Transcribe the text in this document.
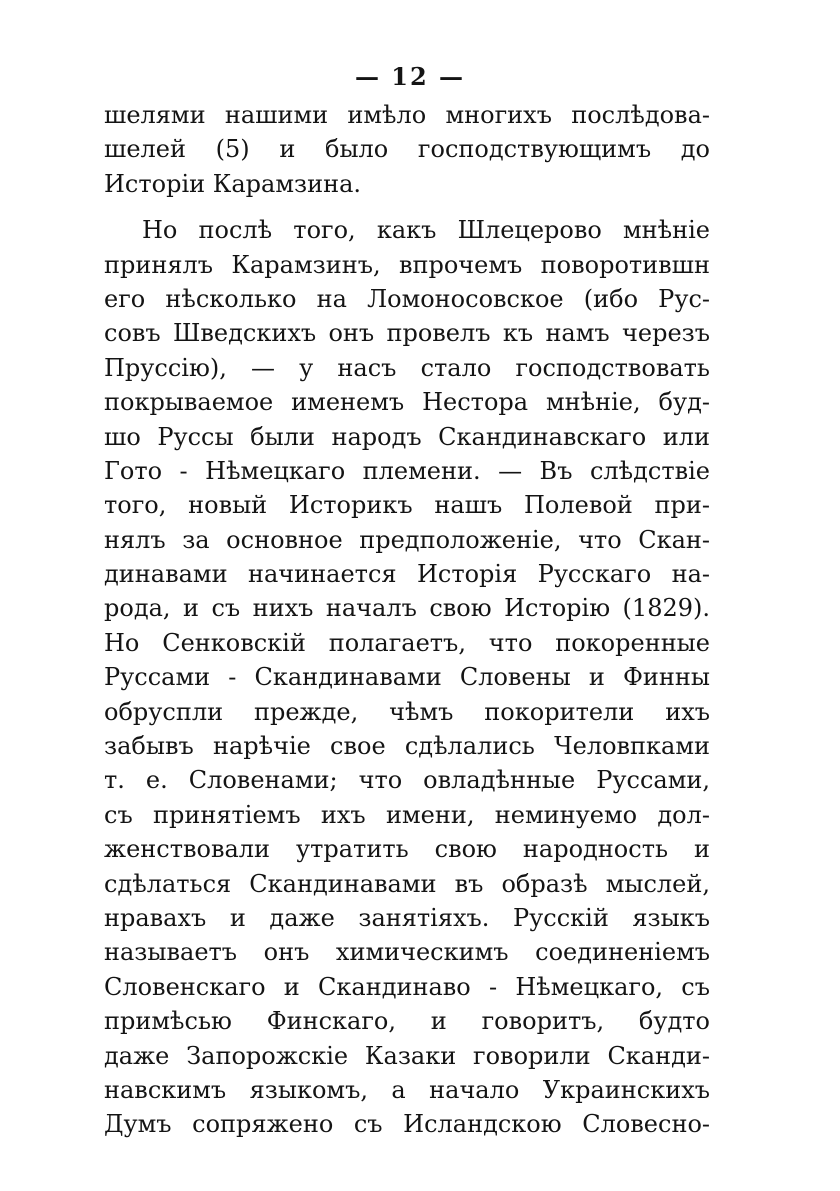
— 12 —
шелями нашими имѣло многихъ послѣдова-
шелей (5) и было господствующимъ до
Исторiи Карамзина.
Но послѣ того, какъ Шлецерово мнѣнiе
принялъ Карамзинъ, впрочемъ поворотившн
его нѣсколько на Ломоносовское (ибо Рус-
совъ Шведскихъ онъ провелъ къ намъ черезъ
Пруссiю), — у насъ стало господствовать
покрываемое именемъ Нестора мнѣнiе, буд-
шо Руссы были народъ Скандинавскаго или
Гото - Нѣмецкаго племени. — Въ слѣдствiе
того, новый Историкъ нашъ Полевой при-
нялъ за основное предположенiе, что Скан-
динавами начинается Исторiя Русскаго на-
рода, и съ нихъ началъ свою Исторiю (1829).
Но Сенковскiй полагаетъ, что покоренные
Руссами - Скандинавами Словены и Финны
обруспли прежде, чѣмъ покорители ихъ
забывъ нарѣчiе свое сдѣлались Человпками
т. е. Словенами; что овладѣнные Руссами,
съ принятiемъ ихъ имени, неминуемо дол-
женствовали утратить свою народность и
сдѣлаться Скандинавами въ образѣ мыслей,
нравахъ и даже занятiяхъ. Русскiй языкъ
называетъ онъ химическимъ соединенiемъ
Словенскаго и Скандинаво - Нѣмецкаго, съ
примѣсью Финскаго, и говоритъ, будто
даже Запорожскiе Казаки говорили Сканди-
навскимъ языкомъ, а начало Украинскихъ
Думъ сопряжено съ Исландскою Словесно-
